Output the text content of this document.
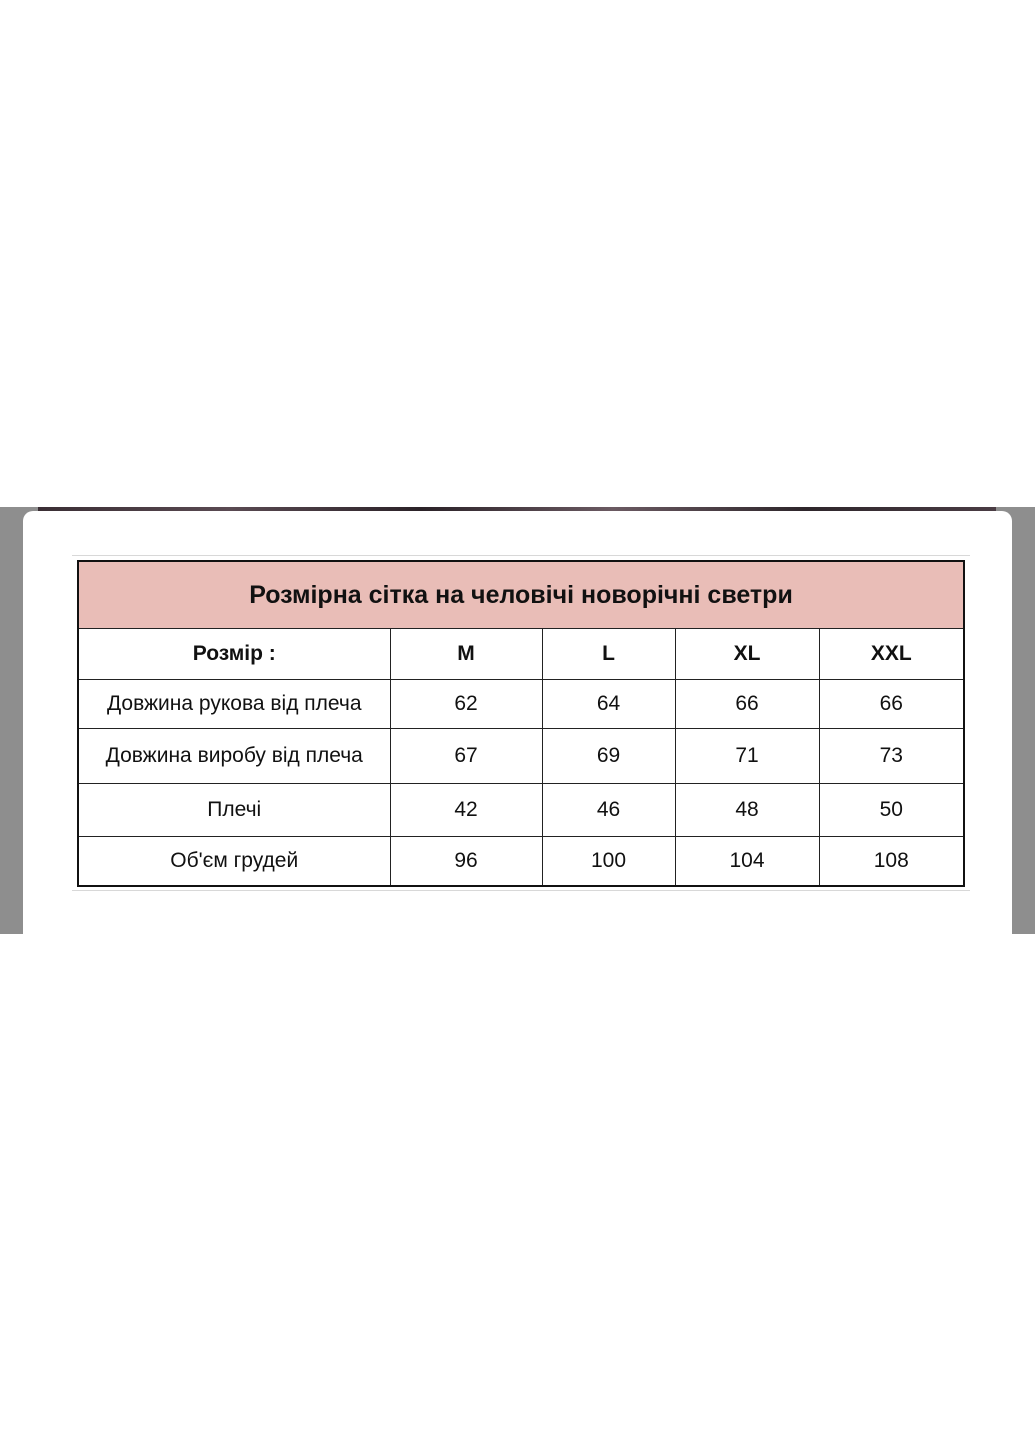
Розмірна сітка на человічі новорічні светри				
Розмір :	M	L	XL	XXL
Довжина рукова від плеча	62	64	66	66
Довжина виробу від плеча	67	69	71	73
Плечі	42	46	48	50
Об'єм грудей	96	100	104	108
